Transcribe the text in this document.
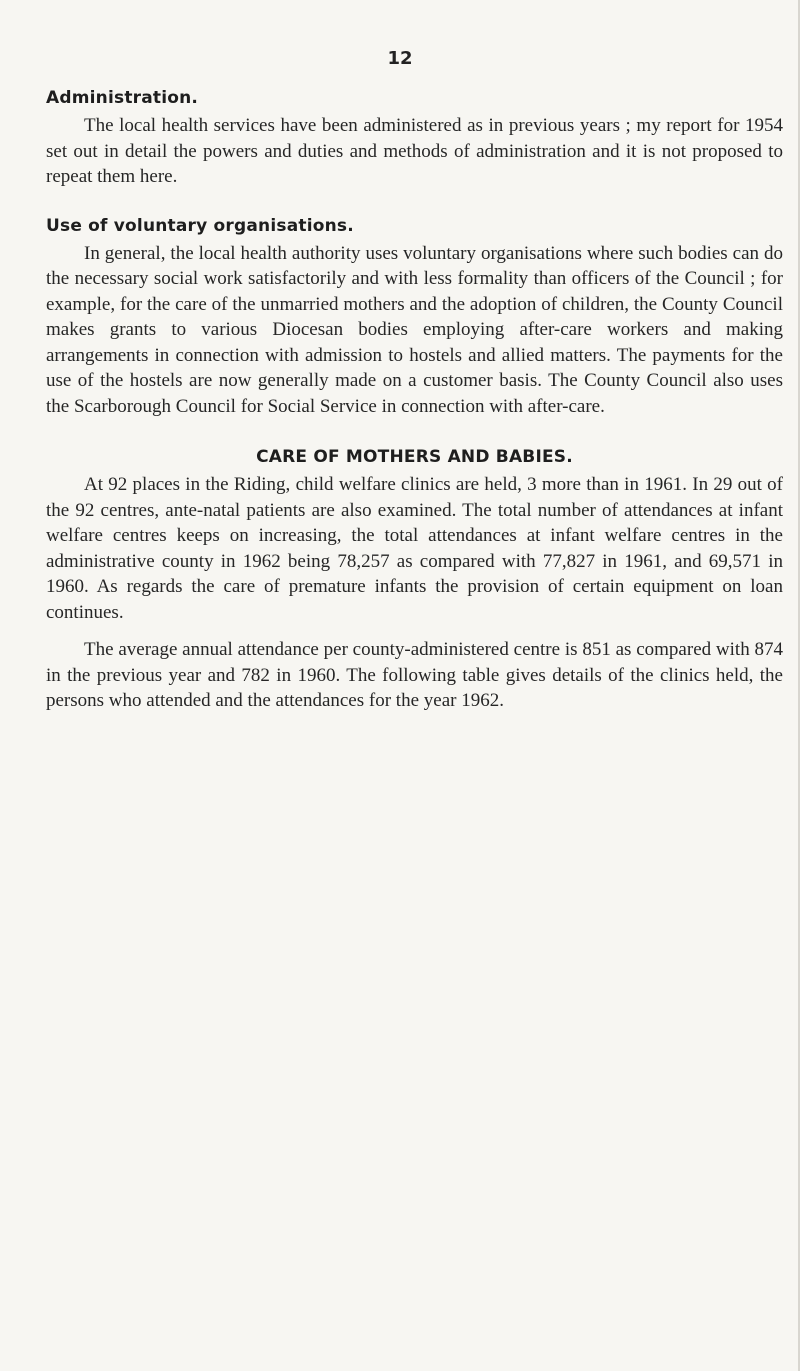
12
Administration.

The local health services have been administered as in previous years ; my report for 1954 set out in detail the powers and duties and methods of administration and it is not proposed to repeat them here.

Use of voluntary organisations.

In general, the local health authority uses voluntary organisations where such bodies can do the necessary social work satisfactorily and with less formality than officers of the Council ; for example, for the care of the unmarried mothers and the adoption of children, the County Council makes grants to various Diocesan bodies employing after-care workers and making arrangements in connection with admission to hostels and allied matters. The payments for the use of the hostels are now generally made on a customer basis. The County Council also uses the Scarborough Council for Social Service in connection with after-care.

CARE OF MOTHERS AND BABIES.

At 92 places in the Riding, child welfare clinics are held, 3 more than in 1961. In 29 out of the 92 centres, ante-natal patients are also examined. The total number of attendances at infant welfare centres keeps on increasing, the total attendances at infant welfare centres in the administrative county in 1962 being 78,257 as compared with 77,827 in 1961, and 69,571 in 1960. As regards the care of premature infants the provision of certain equipment on loan continues.

The average annual attendance per county-administered centre is 851 as compared with 874 in the previous year and 782 in 1960. The following table gives details of the clinics held, the persons who attended and the attendances for the year 1962.
